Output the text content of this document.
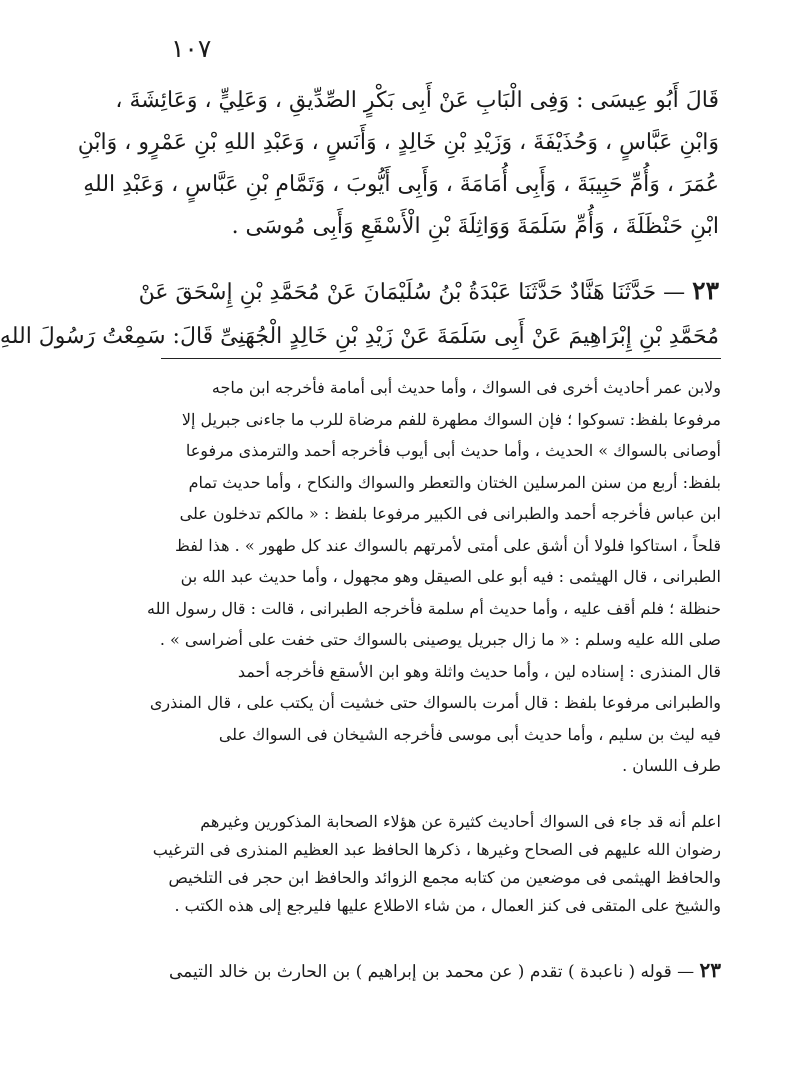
١٠٧
قَالَ أَبُو عِيسَى : وَفِى الْبَابِ عَنْ أَبِى بَكْرٍ الصِّدِّيقِ ، وَعَلِيٍّ ، وَعَائِشَةَ ،
وَابْنِ عَبَّاسٍ ، وَحُذَيْفَةَ ، وَزَيْدِ بْنِ خَالِدٍ ، وَأَنَسٍ ، وَعَبْدِ اللهِ بْنِ عَمْرٍو ، وَابْنِ
عُمَرَ ، وَأُمِّ حَبِيبَةَ ، وَأَبِى أُمَامَةَ ، وَأَبِى أَيُّوبَ ، وَتَمَّامِ بْنِ عَبَّاسٍ ، وَعَبْدِ اللهِ
ابْنِ حَنْظَلَةَ ، وَأُمِّ سَلَمَةَ وَوَاثِلَةَ بْنِ الْأَسْقَعِ وَأَبِى مُوسَى .
٢٣ — حَدَّثَنَا هَنَّادٌ حَدَّثَنَا عَبْدَةُ بْنُ سُلَيْمَانَ عَنْ مُحَمَّدِ بْنِ إِسْحَقَ عَنْ
مُحَمَّدِ بْنِ إِبْرَاهِيمَ عَنْ أَبِى سَلَمَةَ عَنْ زَيْدِ بْنِ خَالِدٍ الْجُهَنِىِّ قَالَ: سَمِعْتُ رَسُولَ اللهِ
ولابن عمر أحاديث أخرى فى السواك ، وأما حديث أبى أمامة فأخرجه ابن ماجه
مرفوعا بلفظ: تسوكوا ؛ فإن السواك مطهرة للفم مرضاة للرب ما جاءنى جبريل إلا
أوصانى بالسواك » الحديث ، وأما حديث أبى أيوب فأخرجه أحمد والترمذى مرفوعا
بلفظ: أربع من سنن المرسلين الختان والتعطر والسواك والنكاح ، وأما حديث تمام
ابن عباس فأخرجه أحمد والطبرانى فى الكبير مرفوعا بلفظ : « مالكم تدخلون على
قلحاً ، استاكوا فلولا أن أشق على أمتى لأمرتهم بالسواك عند كل طهور » . هذا لفظ
الطبرانى ، قال الهيثمى : فيه أبو على الصيقل وهو مجهول ، وأما حديث عبد الله بن
حنظلة ؛ فلم أقف عليه ، وأما حديث أم سلمة فأخرجه الطبرانى ، قالت : قال رسول الله
صلى الله عليه وسلم : « ما زال جبريل يوصينى بالسواك حتى خفت على أضراسى » .
قال المنذرى : إسناده لين ، وأما حديث واثلة وهو ابن الأسقع فأخرجه أحمد
والطبرانى مرفوعا بلفظ : قال أمرت بالسواك حتى خشيت أن يكتب على ، قال المنذرى
فيه ليث بن سليم ، وأما حديث أبى موسى فأخرجه الشيخان فى السواك على
طرف اللسان .
اعلم أنه قد جاء فى السواك أحاديث كثيرة عن هؤلاء الصحابة المذكورين وغيرهم
رضوان الله عليهم فى الصحاح وغيرها ، ذكرها الحافظ عبد العظيم المنذرى فى الترغيب
والحافظ الهيثمى فى موضعين من كتابه مجمع الزوائد والحافظ ابن حجر فى التلخيص
والشيخ على المتقى فى كنز العمال ، من شاء الاطلاع عليها فليرجع إلى هذه الكتب .
٢٣ — قوله ( ناعبدة ) تقدم ( عن محمد بن إبراهيم ) بن الحارث بن خالد التيمى
